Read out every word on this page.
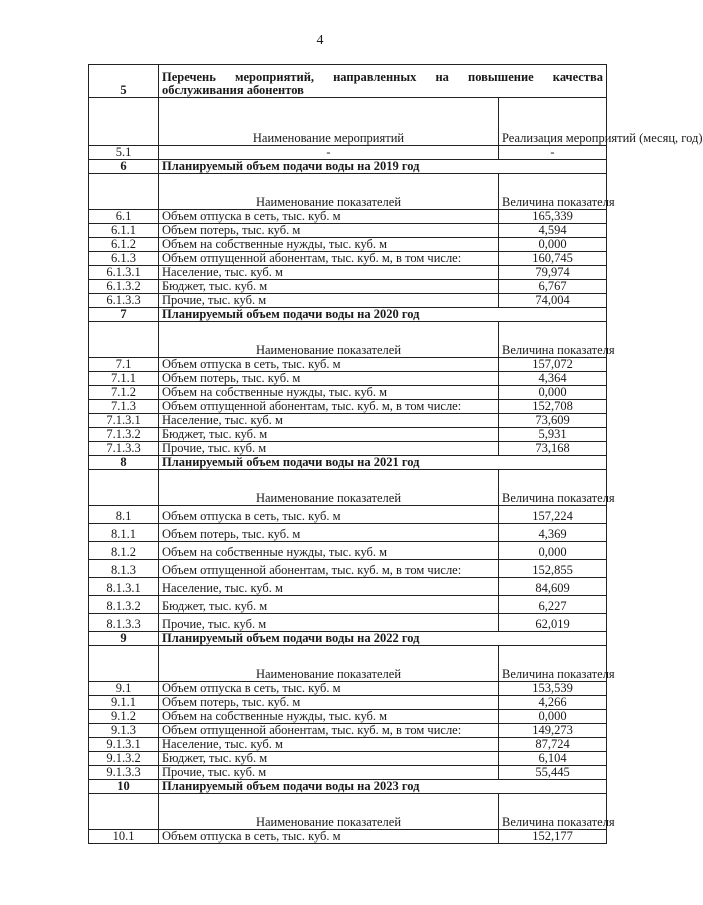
4
5	Перечень мероприятий, направленных на повышение качества
обслуживания абонентов	

	Наименование мероприятий	Реализация мероприятий (месяц, год)
5.1	-	-
6	Планируемый объем подачи воды на 2019 год	
	Наименование показателей	Величина показателя
6.1	Объем отпуска в сеть, тыс. куб. м	165,339
6.1.1	Объем потерь, тыс. куб. м	4,594
6.1.2	Объем на собственные нужды, тыс. куб. м	0,000
6.1.3	Объем отпущенной абонентам, тыс. куб. м, в том числе:	160,745
6.1.3.1	Население, тыс. куб. м	79,974
6.1.3.2	Бюджет, тыс. куб. м	6,767
6.1.3.3	Прочие, тыс. куб. м	74,004
7	Планируемый объем подачи воды на 2020 год	
	Наименование показателей	Величина показателя
7.1	Объем отпуска в сеть, тыс. куб. м	157,072
7.1.1	Объем потерь, тыс. куб. м	4,364
7.1.2	Объем на собственные нужды, тыс. куб. м	0,000
7.1.3	Объем отпущенной абонентам, тыс. куб. м, в том числе:	152,708
7.1.3.1	Население, тыс. куб. м	73,609
7.1.3.2	Бюджет, тыс. куб. м	5,931
7.1.3.3	Прочие, тыс. куб. м	73,168
8	Планируемый объем подачи воды на 2021 год	
	Наименование показателей	Величина показателя
8.1	Объем отпуска в сеть, тыс. куб. м	157,224
8.1.1	Объем потерь, тыс. куб. м	4,369
8.1.2	Объем на собственные нужды, тыс. куб. м	0,000
8.1.3	Объем отпущенной абонентам, тыс. куб. м, в том числе:	152,855
8.1.3.1	Население, тыс. куб. м	84,609
8.1.3.2	Бюджет, тыс. куб. м	6,227
8.1.3.3	Прочие, тыс. куб. м	62,019
9	Планируемый объем подачи воды на 2022 год	
	Наименование показателей	Величина показателя
9.1	Объем отпуска в сеть, тыс. куб. м	153,539
9.1.1	Объем потерь, тыс. куб. м	4,266
9.1.2	Объем на собственные нужды, тыс. куб. м	0,000
9.1.3	Объем отпущенной абонентам, тыс. куб. м, в том числе:	149,273
9.1.3.1	Население, тыс. куб. м	87,724
9.1.3.2	Бюджет, тыс. куб. м	6,104
9.1.3.3	Прочие, тыс. куб. м	55,445
10	Планируемый объем подачи воды на 2023 год	
	Наименование показателей	Величина показателя
10.1	Объем отпуска в сеть, тыс. куб. м	152,177
